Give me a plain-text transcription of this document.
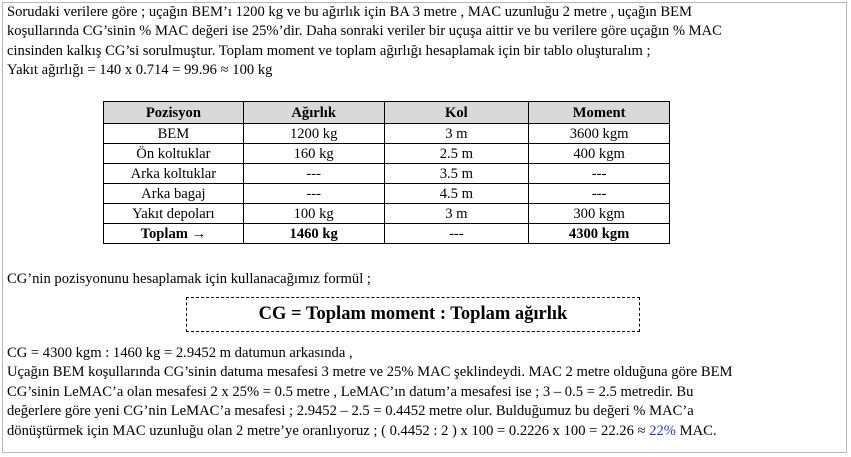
Sorudaki verilere göre ; uçağın BEM’ı 1200 kg ve bu ağırlık için BA 3 metre , MAC uzunluğu 2 metre , uçağın BEM

koşullarında CG’sinin % MAC değeri ise 25%’dir. Daha sonraki veriler bir uçuşa aittir ve bu verilere göre uçağın % MAC

cinsinden kalkış CG’si sorulmuştur. Toplam moment ve toplam ağırlığı hesaplamak için bir tablo oluşturalım ;

Yakıt ağırlığı = 140 x 0.714 = 99.96 ≈ 100 kg

Pozisyon	Ağırlık	Kol	Moment
BEM	1200 kg	3 m	3600 kgm
Ön koltuklar	160 kg	2.5 m	400 kgm
Arka koltuklar	---	3.5 m	---
Arka bagaj	---	4.5 m	---
Yakıt depoları	100 kg	3 m	300 kgm
Toplam →	1460 kg	---	4300 kgm
CG’nin pozisyonunu hesaplamak için kullanacağımız formül ;
CG = Toplam moment : Toplam ağırlık

CG = 4300 kgm : 1460 kg = 2.9452 m datumun arkasında ,

Uçağın BEM koşullarında CG’sinin datuma mesafesi 3 metre ve 25% MAC şeklindeydi. MAC 2 metre olduğuna göre BEM

CG’sinin LeMAC’a olan mesafesi 2 x 25% = 0.5 metre , LeMAC’ın datum’a mesafesi ise ; 3 – 0.5 = 2.5 metredir. Bu

değerlere göre yeni CG’nin LeMAC’a mesafesi ; 2.9452 – 2.5 = 0.4452 metre olur. Bulduğumuz bu değeri % MAC’a

dönüştürmek için MAC uzunluğu olan 2 metre’ye oranlıyoruz ; ( 0.4452 : 2 ) x 100 = 0.2226 x 100 = 22.26 ≈ 22% MAC.
